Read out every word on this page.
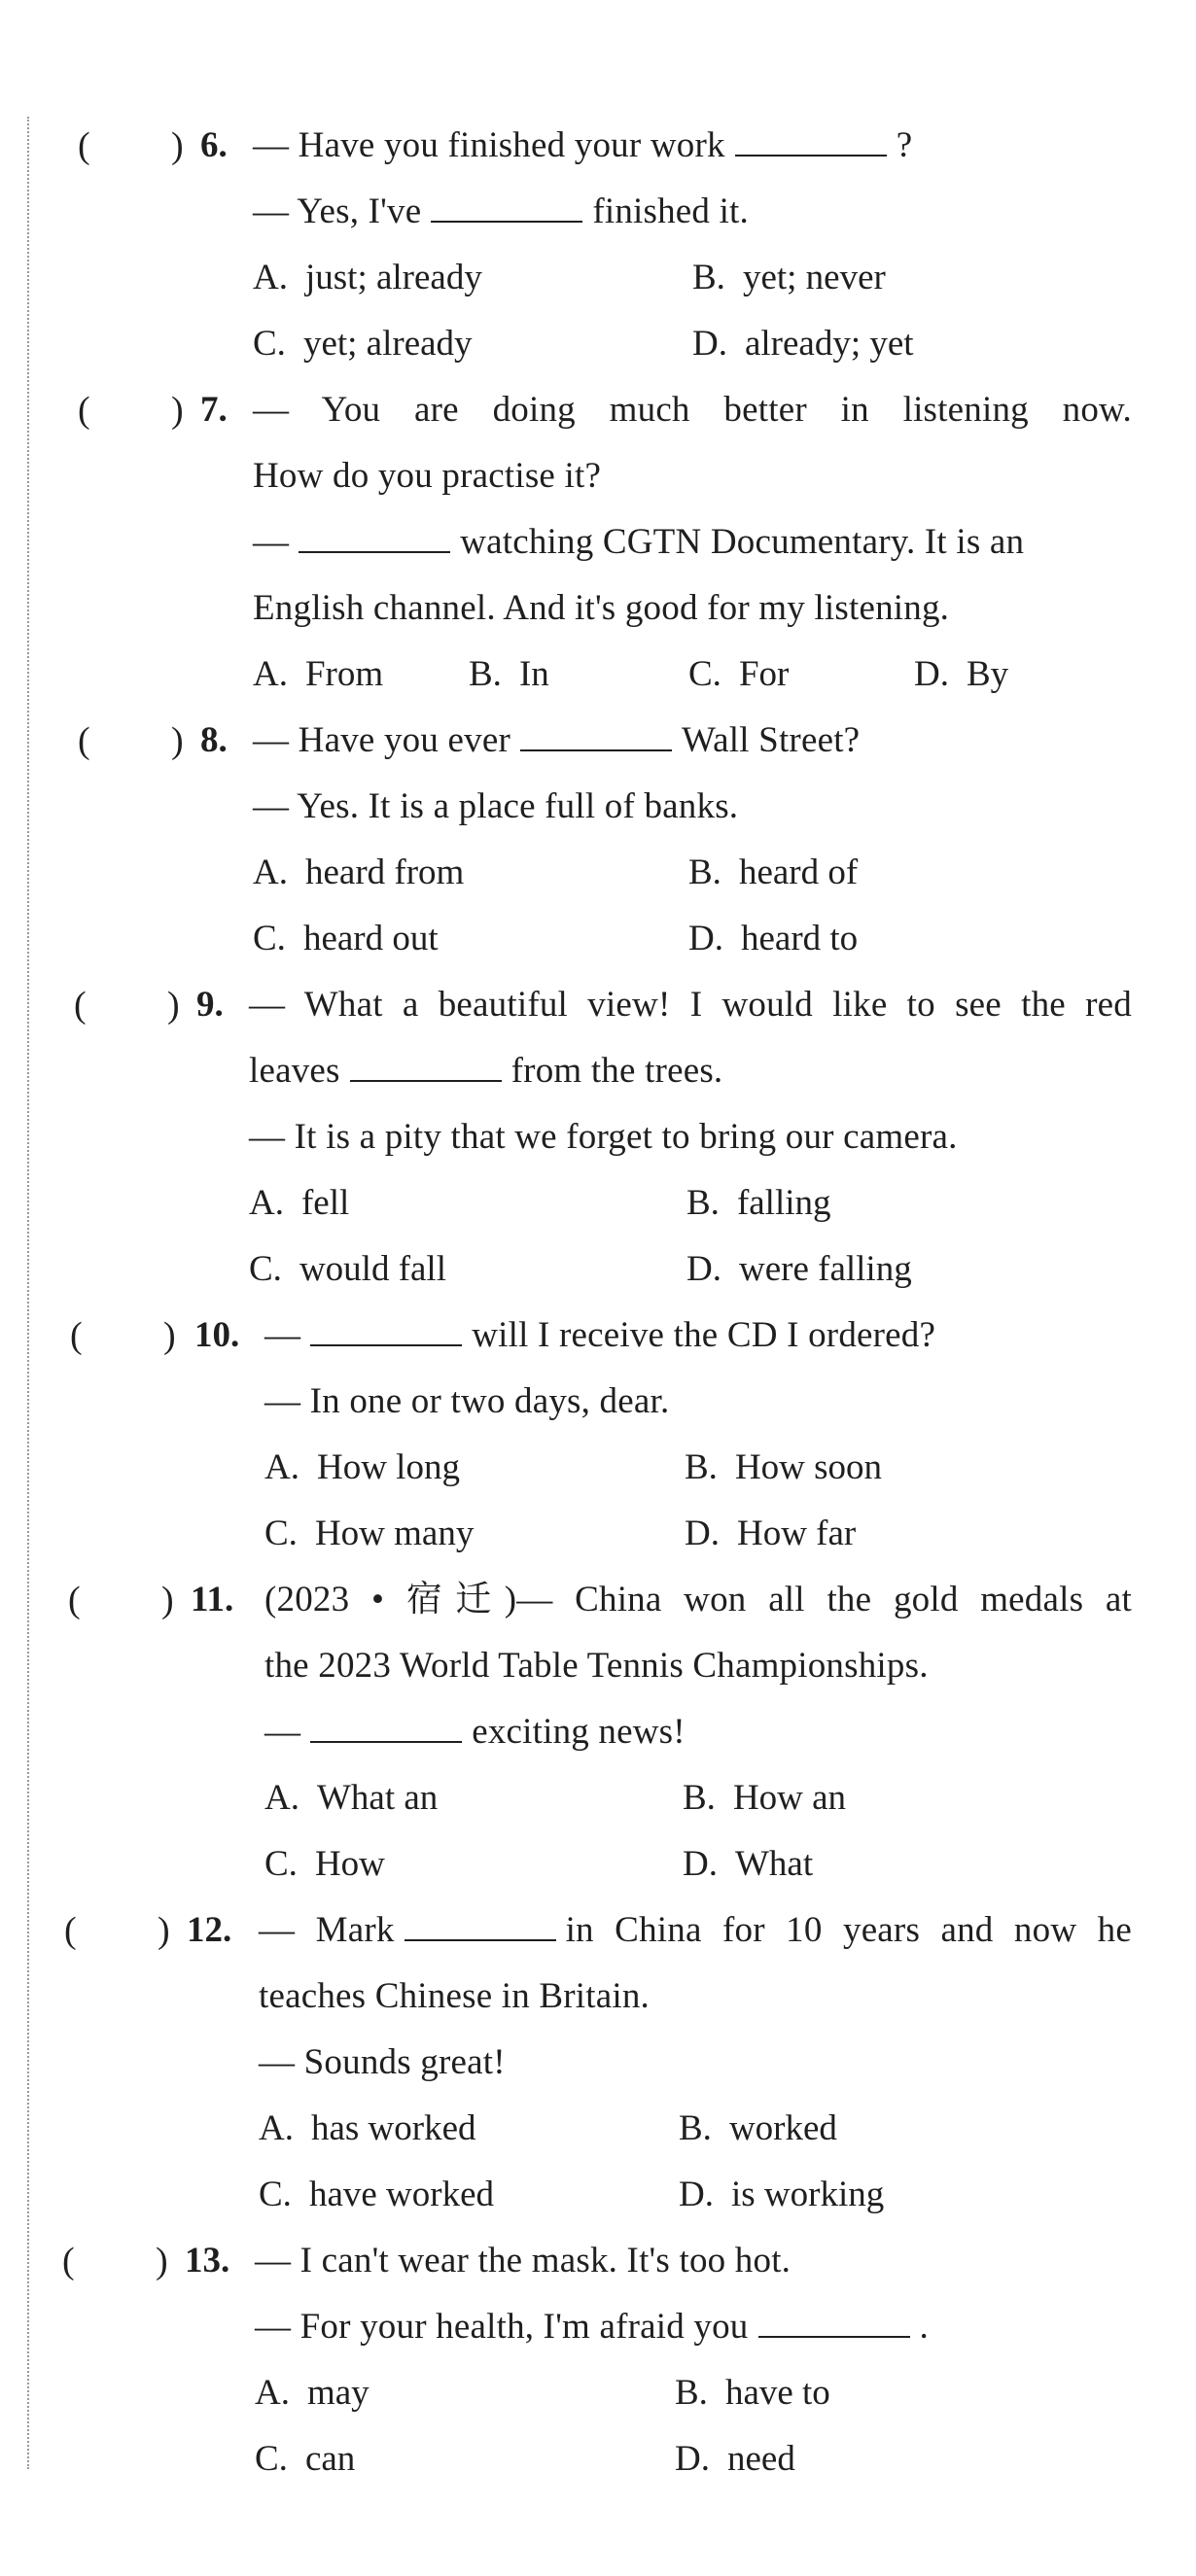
( ) 6. — Have you finished your work	?
— Yes, I've	finished it.
A. just; already	B. yet; never
C. yet; already	D. already; yet
( ) 7. — You are doing much better in listening now.
How do you practise it?
—	watching CGTN Documentary. It is an
English channel. And it's good for my listening.
A. From B. In	C. For	D. By
( ) 8. — Have you ever	Wall Street?
— Yes. It is a place full of banks.
A. heard from	B. heard of
C. heard out	D. heard to
( ) 9. — What a beautiful view! I would like to see the red
leaves	from the trees.
— It is a pity that we forget to bring our camera.
A. fell	B. falling
C. would fall	D. were falling
( ) 10. —	will I receive the CD I ordered?
— In one or two days, dear.
A. How long	B. How soon
C. How many	D. How far
( ) 11. (2023 • 宿迁)— China won all the gold medals at
the 2023 World Table Tennis Championships.
—	exciting news!
A. What an	B. How an
C. How	D. What
( ) 12. — Mark	in China for 10 years and now he
teaches Chinese in Britain.
— Sounds great!
A. has worked	B. worked
C. have worked	D. is working
( ) 13. — I can't wear the mask. It's too hot.
— For your health, I'm afraid you	.
A. may	B. have to
C. can	D. need
